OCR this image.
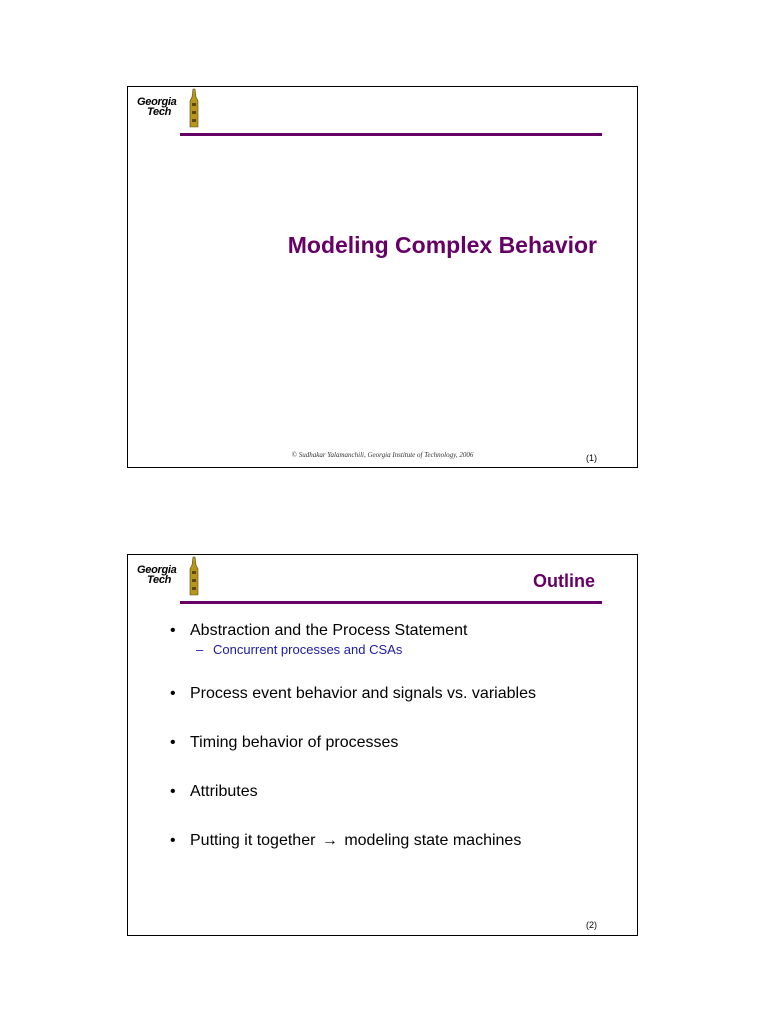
Georgia
Tech
Modeling Complex Behavior
© Sudhakar Yalamanchili, Georgia Institute of Technology, 2006	(1)
Georgia
Tech	Outline
• Abstraction and the Process Statement
– Concurrent processes and CSAs
• Process event behavior and signals vs. variables
• Timing behavior of processes
• Attributes
• Putting it together → modeling state machines
(2)
